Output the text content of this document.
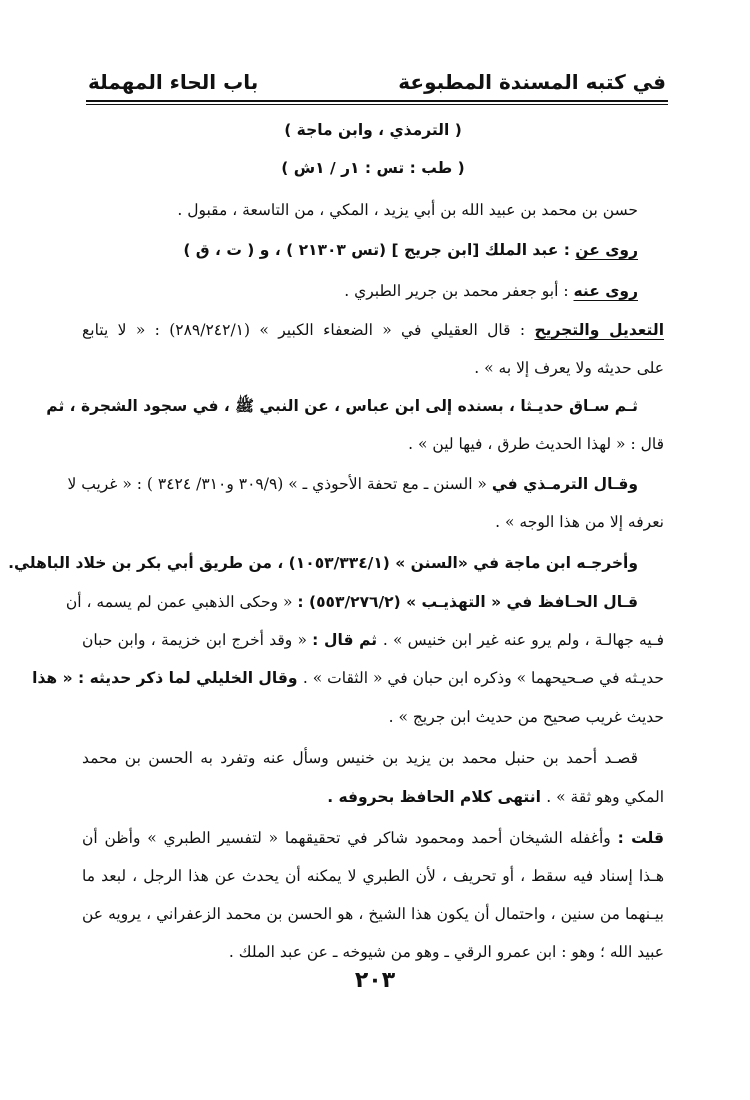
في كتبه المسندة المطبوعة
باب الحاء المهملة
( الترمذي ، وابن ماجة )
( طب : تس : ١ر / ١ش )
حسن بن محمد بن عبيد الله بن أبي يزيد ، المكي ، من التاسعة ، مقبول .
روى عن : عبد الملك [ابن جريج ] (تس ٢١٣٠٣ ) ، و ( ت ، ق )
روى عنه : أبو جعفر محمد بن جرير الطبري .
التعديل والتجريح : قال العقيلي في « الضعفاء الكبير » (٢٨٩/٢٤٢/١) : « لا يتابع
على حديثه ولا يعرف إلا به » .
ثـم سـاق حديـثا ، بسنده إلى ابن عباس ، عن النبي ﷺ ، في سجود الشجرة ، ثم
قال : « لهذا الحديث طرق ، فيها لين » .
وقـال الترمـذي في « السنن ـ مع تحفة الأحوذي ـ » (٣٠٩/٩ و٣١٠/ ٣٤٢٤ ) : « غريب لا
نعرفه إلا من هذا الوجه » .
وأخرجـه ابن ماجة في «السنن » (١٠٥٣/٣٣٤/١) ، من طريق أبي بكر بن خلاد الباهلي.
قـال الحـافظ في « التهذيـب » (٥٥٣/٢٧٦/٢) : « وحكى الذهبي عمن لم يسمه ، أن
فـيه جهالـة ، ولم يرو عنه غير ابن خنيس » . ثم قال : « وقد أخرج ابن خزيمة ، وابن حبان
حديـثه في صـحيحهما » وذكره ابن حبان في « الثقات » . وقال الخليلي لما ذكر حديثه : « هذا
حديث غريب صحيح من حديث ابن جريج » .
قصـد أحمد بن حنبل محمد بن يزيد بن خنيس وسأل عنه وتفرد به الحسن بن محمد
المكي وهو ثقة » . انتهى كلام الحافظ بحروفه .
قلت : وأغفله الشيخان أحمد ومحمود شاكر في تحقيقهما « لتفسير الطبري » وأظن أن
هـذا إسناد فيه سقط ، أو تحريف ، لأن الطبري لا يمكنه أن يحدث عن هذا الرجل ، لبعد ما
بيـنهما من سنين ، واحتمال أن يكون هذا الشيخ ، هو الحسن بن محمد الزعفراني ، يرويه عن
عبيد الله ؛ وهو : ابن عمرو الرقي ـ وهو من شيوخه ـ عن عبد الملك .
٢٠٣
